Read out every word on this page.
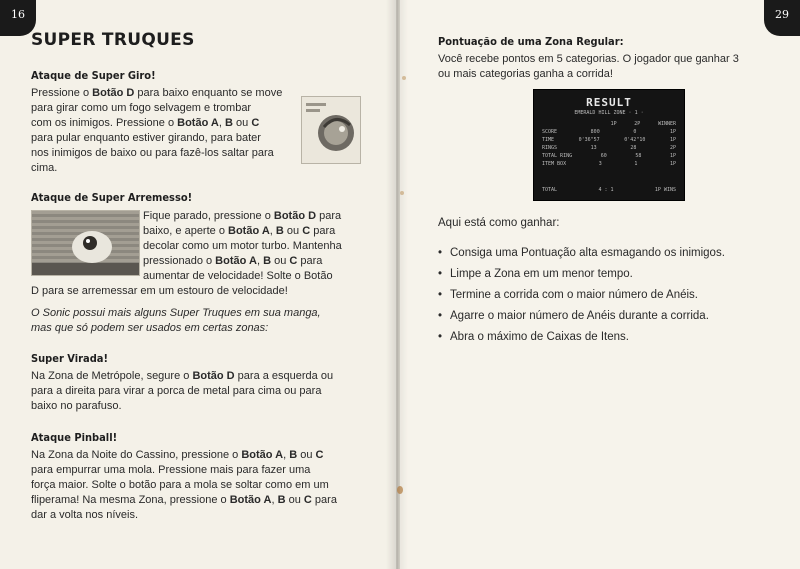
16
SUPER TRUQUES
Ataque de Super Giro!
Pressione o Botão D para baixo enquanto se move
para girar como um fogo selvagem e trombar
com os inimigos. Pressione o Botão A, B ou C
para pular enquanto estiver girando, para bater
nos inimigos de baixo ou para fazê-los saltar para
cima.
Ataque de Super Arremesso!
Fique parado, pressione o Botão D para
baixo, e aperte o Botão A, B ou C para
decolar como um motor turbo. Mantenha
pressionado o Botão A, B ou C para
aumentar de velocidade! Solte o Botão
D para se arremessar em um estouro de velocidade!
O Sonic possui mais alguns Super Truques em sua manga,
mas que só podem ser usados em certas zonas:
Super Virada!
Na Zona de Metrópole, segure o Botão D para a esquerda ou
para a direita para virar a porca de metal para cima ou para
baixo no parafuso.
Ataque Pinball!
Na Zona da Noite do Cassino, pressione o Botão A, B ou C
para empurrar uma mola. Pressione mais para fazer uma
força maior. Solte o botão para a mola se soltar como em um
fliperama! Na mesma Zona, pressione o Botão A, B ou C para
dar a volta nos níveis.
29
Pontuação de uma Zona Regular:
Você recebe pontos em 5 categorias. O jogador que ganhar 3
ou mais categorias ganha a corrida!
RESULT
EMERALD HILL ZONE · 1 ·
1P	2P	WINNER
SCORE	800	0	1P
TIME	0'36"57	0'42"10	1P
RINGS	13	28	2P
TOTAL RING	60	58	1P
ITEM BOX	3	1	1P
TOTAL	4 : 1	1P WINS
Aqui está como ganhar:
• Consiga uma Pontuação alta esmagando os inimigos.
• Limpe a Zona em um menor tempo.
• Termine a corrida com o maior número de Anéis.
• Agarre o maior número de Anéis durante a corrida.
• Abra o máximo de Caixas de Itens.
